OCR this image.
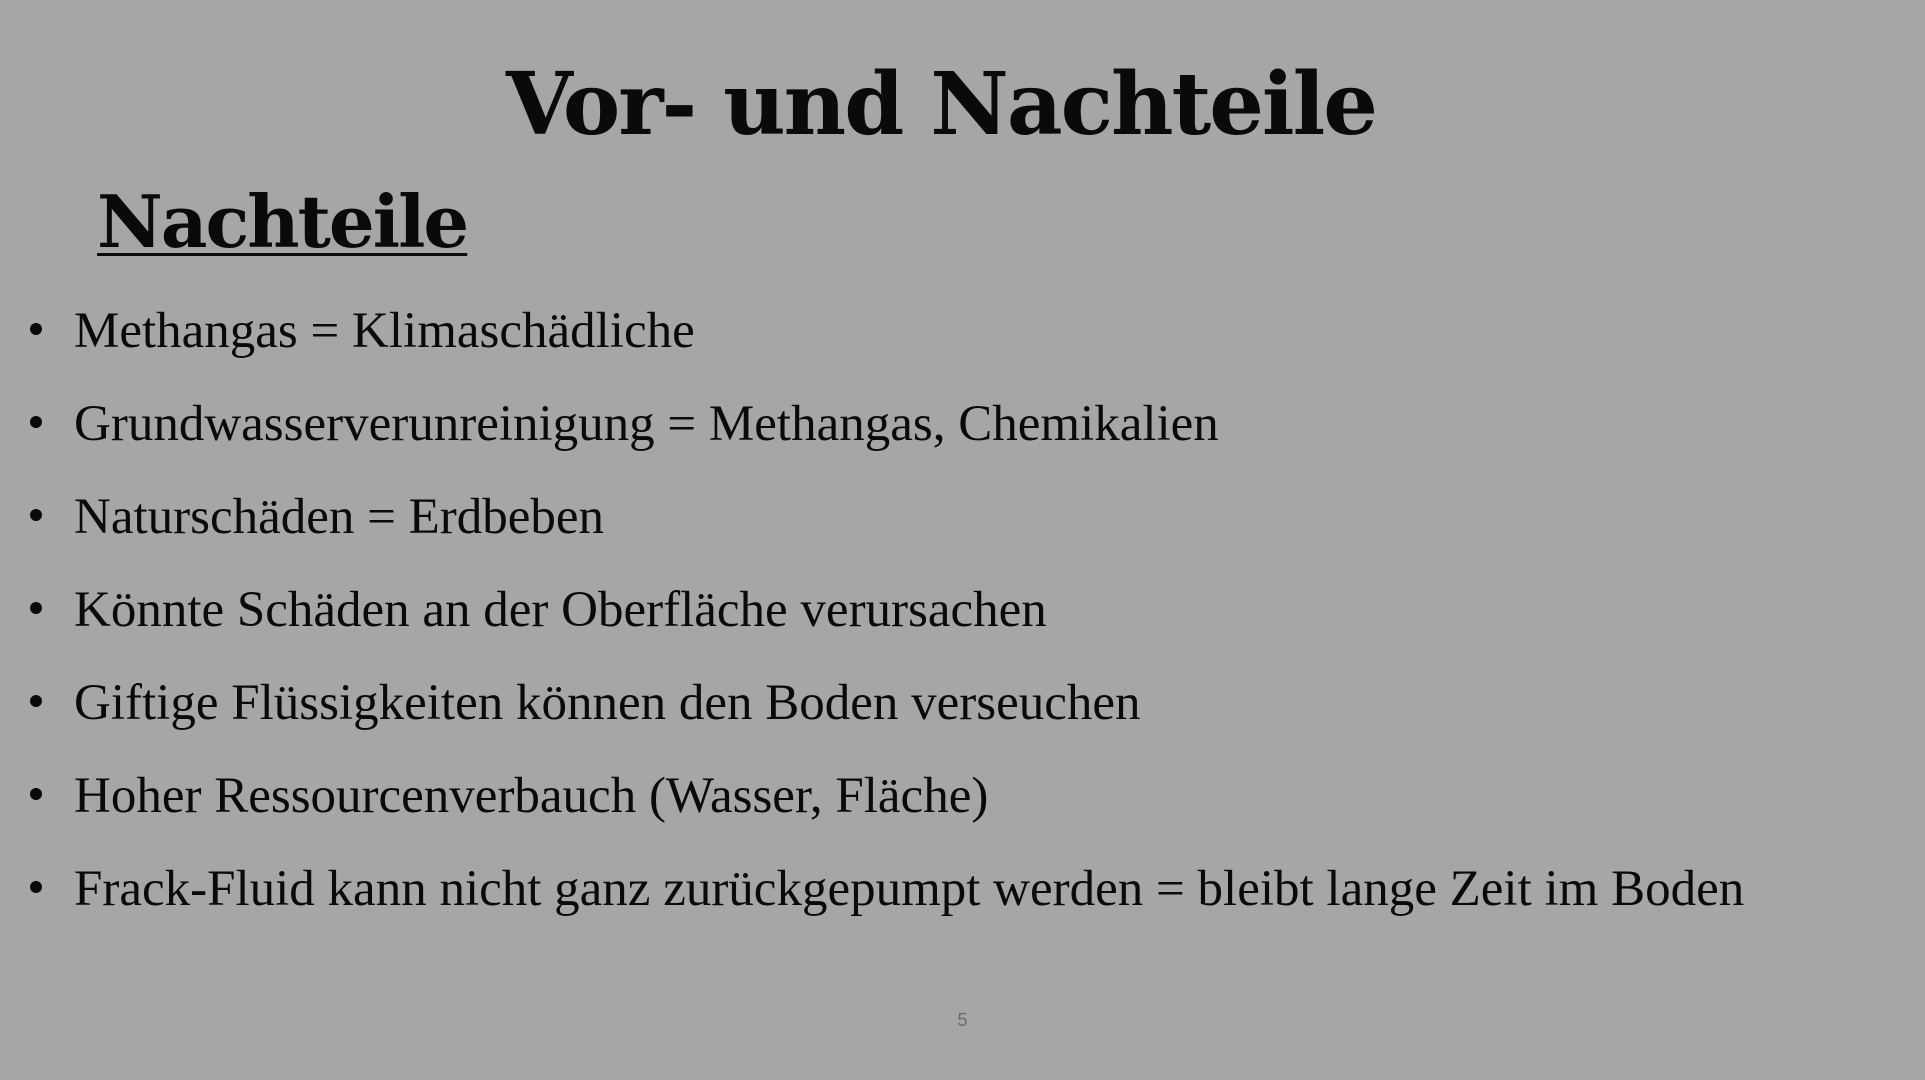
Vor- und Nachteile
Nachteile
Methangas = Klimaschädliche
Grundwasserverunreinigung = Methangas, Chemikalien
Naturschäden = Erdbeben
Könnte Schäden an der Oberfläche verursachen
Giftige Flüssigkeiten können den Boden verseuchen
Hoher Ressourcenverbauch (Wasser, Fläche)
Frack-Fluid kann nicht ganz zurückgepumpt werden = bleibt lange Zeit im Boden
5
